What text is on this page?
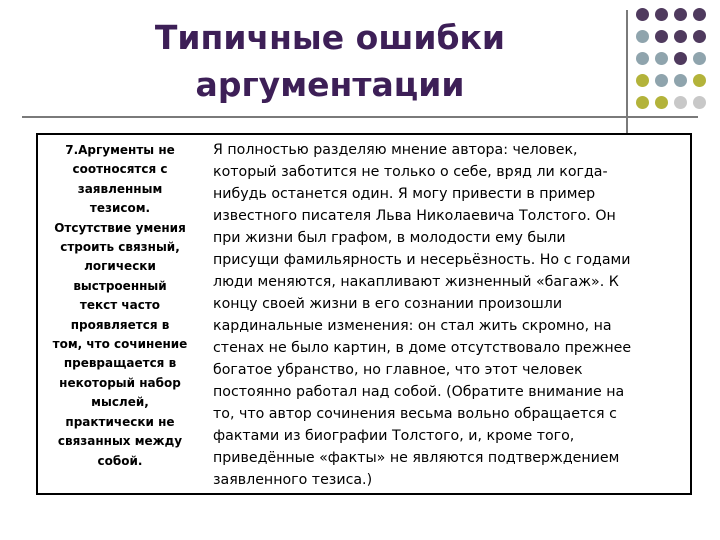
Типичные ошибки
аргументации
7.Аргументы не
соотносятся с
заявленным
тезисом.
Отсутствие умения
строить связный,
логически
выстроенный
текст часто
проявляется в
том, что сочинение
превращается в
некоторый набор
мыслей,
практически не
связанных между
собой.
Я полностью разделяю мнение автора: человек,
который заботится не только о себе, вряд ли когда-
нибудь останется один. Я могу привести в пример
известного писателя Льва Николаевича Толстого. Он
при жизни был графом, в молодости ему были
присущи фамильярность и несерьёзность. Но с годами
люди меняются, накапливают жизненный «багаж». К
концу своей жизни в его сознании произошли
кардинальные изменения: он стал жить скромно, на
стенах не было картин, в доме отсутствовало прежнее
богатое убранство, но главное, что этот человек
постоянно работал над собой. (Обратите внимание на
то, что автор сочинения весьма вольно обращается с
фактами из биографии Толстого, и, кроме того,
приведённые «факты» не являются подтверждением
заявленного тезиса.)
